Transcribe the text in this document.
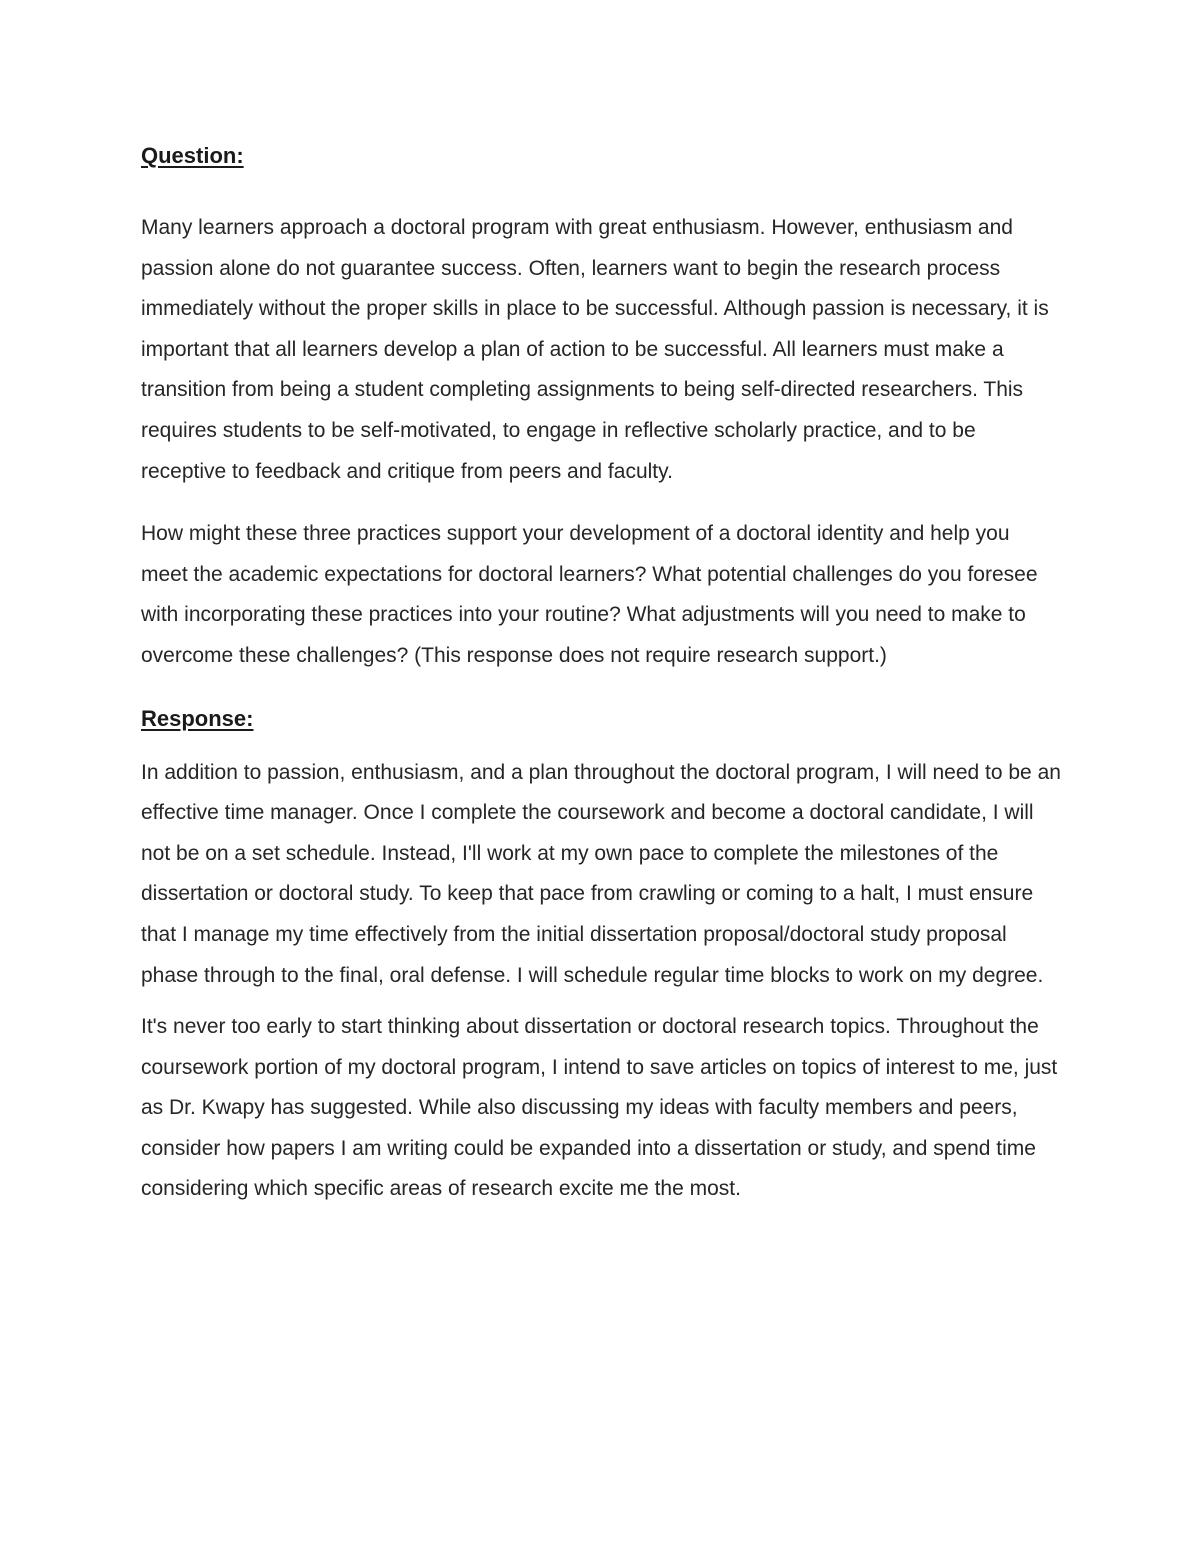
Question:

Many learners approach a doctoral program with great enthusiasm. However, enthusiasm and passion alone do not guarantee success. Often, learners want to begin the research process immediately without the proper skills in place to be successful. Although passion is necessary, it is important that all learners develop a plan of action to be successful. All learners must make a transition from being a student completing assignments to being self-directed researchers. This requires students to be self-motivated, to engage in reflective scholarly practice, and to be receptive to feedback and critique from peers and faculty.

How might these three practices support your development of a doctoral identity and help you meet the academic expectations for doctoral learners? What potential challenges do you foresee with incorporating these practices into your routine? What adjustments will you need to make to overcome these challenges? (This response does not require research support.)

Response:

In addition to passion, enthusiasm, and a plan throughout the doctoral program, I will need to be an effective time manager. Once I complete the coursework and become a doctoral candidate, I will not be on a set schedule. Instead, I'll work at my own pace to complete the milestones of the dissertation or doctoral study. To keep that pace from crawling or coming to a halt, I must ensure that I manage my time effectively from the initial dissertation proposal/doctoral study proposal phase through to the final, oral defense. I will schedule regular time blocks to work on my degree.

It's never too early to start thinking about dissertation or doctoral research topics. Throughout the coursework portion of my doctoral program, I intend to save articles on topics of interest to me, just as Dr. Kwapy has suggested. While also discussing my ideas with faculty members and peers, consider how papers I am writing could be expanded into a dissertation or study, and spend time considering which specific areas of research excite me the most.
